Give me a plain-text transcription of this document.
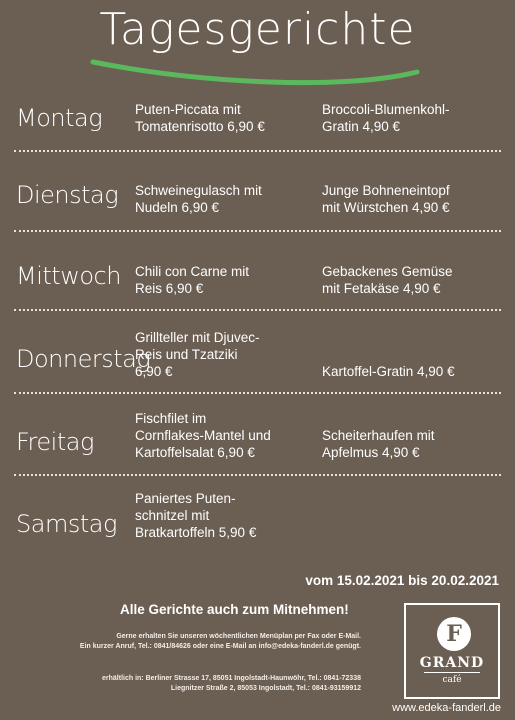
Tagesgerichte
Montag Puten-Piccata mit
Tomatenrisotto 6,90 €
Broccoli-Blumenkohl-
Gratin 4,90 €
Dienstag Schweinegulasch mit
Nudeln 6,90 €
Junge Bohneneintopf
mit Würstchen 4,90 €
Mittwoch Chili con Carne mit
Reis 6,90 €
Gebackenes Gemüse
mit Fetakäse 4,90 €
Donnerstag
Grillteller mit Djuvec-
Reis und Tzatziki
6,90 €	Kartoffel-Gratin 4,90 €
Freitag
Fischfilet im
Cornflakes-Mantel und
Kartoffelsalat 6,90 €
Scheiterhaufen mit
Apfelmus 4,90 €
Samstag
Paniertes Puten-
schnitzel mit
Bratkartoffeln 5,90 €
vom 15.02.2021 bis 20.02.2021
Alle Gerichte auch zum Mitnehmen!
Gerne erhalten Sie unseren wöchentlichen Menüplan per Fax oder E-Mail.
Ein kurzer Anruf, Tel.: 0841/84626 oder eine E-Mail an info@edeka-fanderl.de genügt.
erhältlich in: Berliner Strasse 17, 85051 Ingolstadt-Haunwöhr, Tel.: 0841-72338
Liegnitzer Straße 2, 85053 Ingolstadt, Tel.: 0841-93159912
F
GRAND
café
www.edeka-fanderl.de
